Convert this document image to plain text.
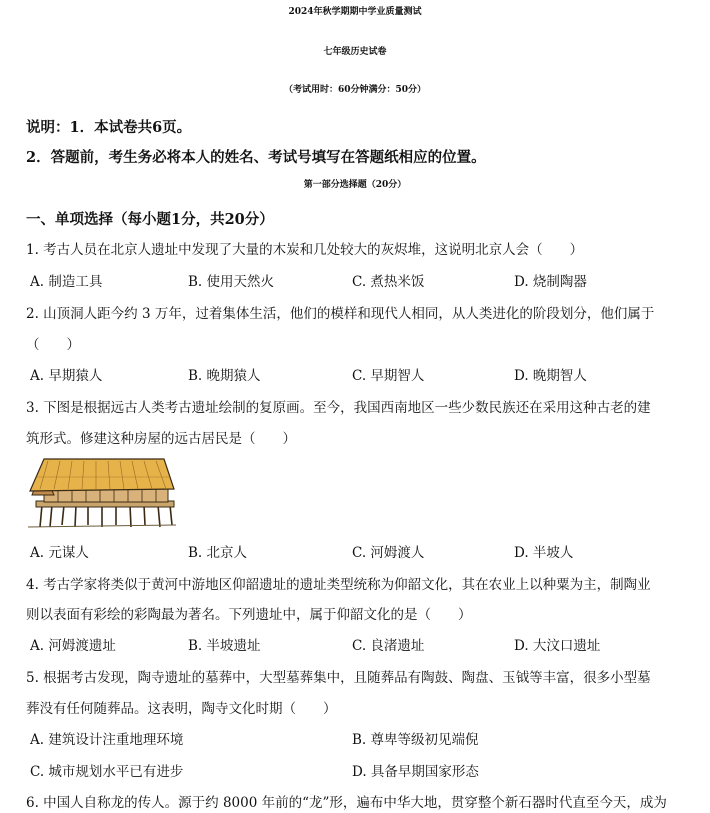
2024年秋学期期中学业质量测试
七年级历史试卷
（考试用时：60分钟满分：50分）
说明：1．本试卷共6页。
2．答题前，考生务必将本人的姓名、考试号填写在答题纸相应的位置。
第一部分选择题（20分）
一、单项选择（每小题1分，共20分）
1. 考古人员在北京人遗址中发现了大量的木炭和几处较大的灰烬堆，这说明北京人会（　　）
A. 制造工具	B. 使用天然火	C. 煮热米饭	D. 烧制陶器
2. 山顶洞人距今约 3 万年，过着集体生活，他们的模样和现代人相同，从人类进化的阶段划分，他们属于
（　　）
A. 早期猿人	B. 晚期猿人	C. 早期智人	D. 晚期智人
3. 下图是根据远古人类考古遗址绘制的复原画。至今，我国西南地区一些少数民族还在采用这种古老的建
筑形式。修建这种房屋的远古居民是（　　）
A. 元谋人	B. 北京人	C. 河姆渡人	D. 半坡人
4. 考古学家将类似于黄河中游地区仰韶遗址的遗址类型统称为仰韶文化，其在农业上以种粟为主，制陶业
则以表面有彩绘的彩陶最为著名。下列遗址中，属于仰韶文化的是（　　）
A. 河姆渡遗址	B. 半坡遗址	C. 良渚遗址	D. 大汶口遗址
5. 根据考古发现，陶寺遗址的墓葬中，大型墓葬集中，且随葬品有陶鼓、陶盘、玉钺等丰富，很多小型墓
葬没有任何随葬品。这表明，陶寺文化时期（　　）
A. 建筑设计注重地理环境	B. 尊卑等级初见端倪
C. 城市规划水平已有进步	D. 具备早期国家形态
6. 中国人自称龙的传人。源于约 8000 年前的“龙”形，遍布中华大地，贯穿整个新石器时代直至今天，成为
